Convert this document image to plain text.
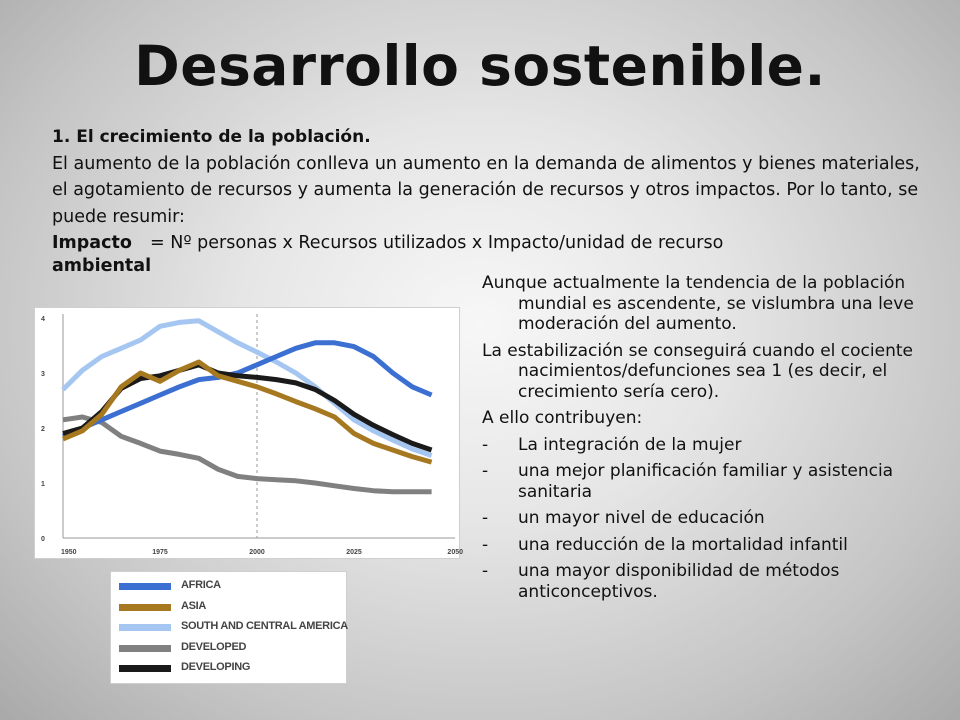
Desarrollo sostenible.
1. El crecimiento de la población.
El aumento de la población conlleva un aumento en la demanda de alimentos y bienes materiales, el agotamiento de recursos y aumenta la generación de recursos y otros impactos. Por lo tanto, se puede resumir:
Impacto = Nº personas x Recursos utilizados x Impacto/unidad de recurso
ambiental
0
1
2
3
4
1950	1975	2000	2025	2050
AFRICA
ASIA
SOUTH AND CENTRAL AMERICA
DEVELOPED
DEVELOPING

Aunque actualmente la tendencia de la población mundial es ascendente, se vislumbra una leve moderación del aumento.

La estabilización se conseguirá cuando el cociente nacimientos/defunciones sea 1 (es decir, el crecimiento sería cero).

A ello contribuyen:

-	La integración de la mujer
-	una mejor planificación familiar y asistencia sanitaria
-	un mayor nivel de educación
-	una reducción de la mortalidad infantil
-	una mayor disponibilidad de métodos anticonceptivos.
